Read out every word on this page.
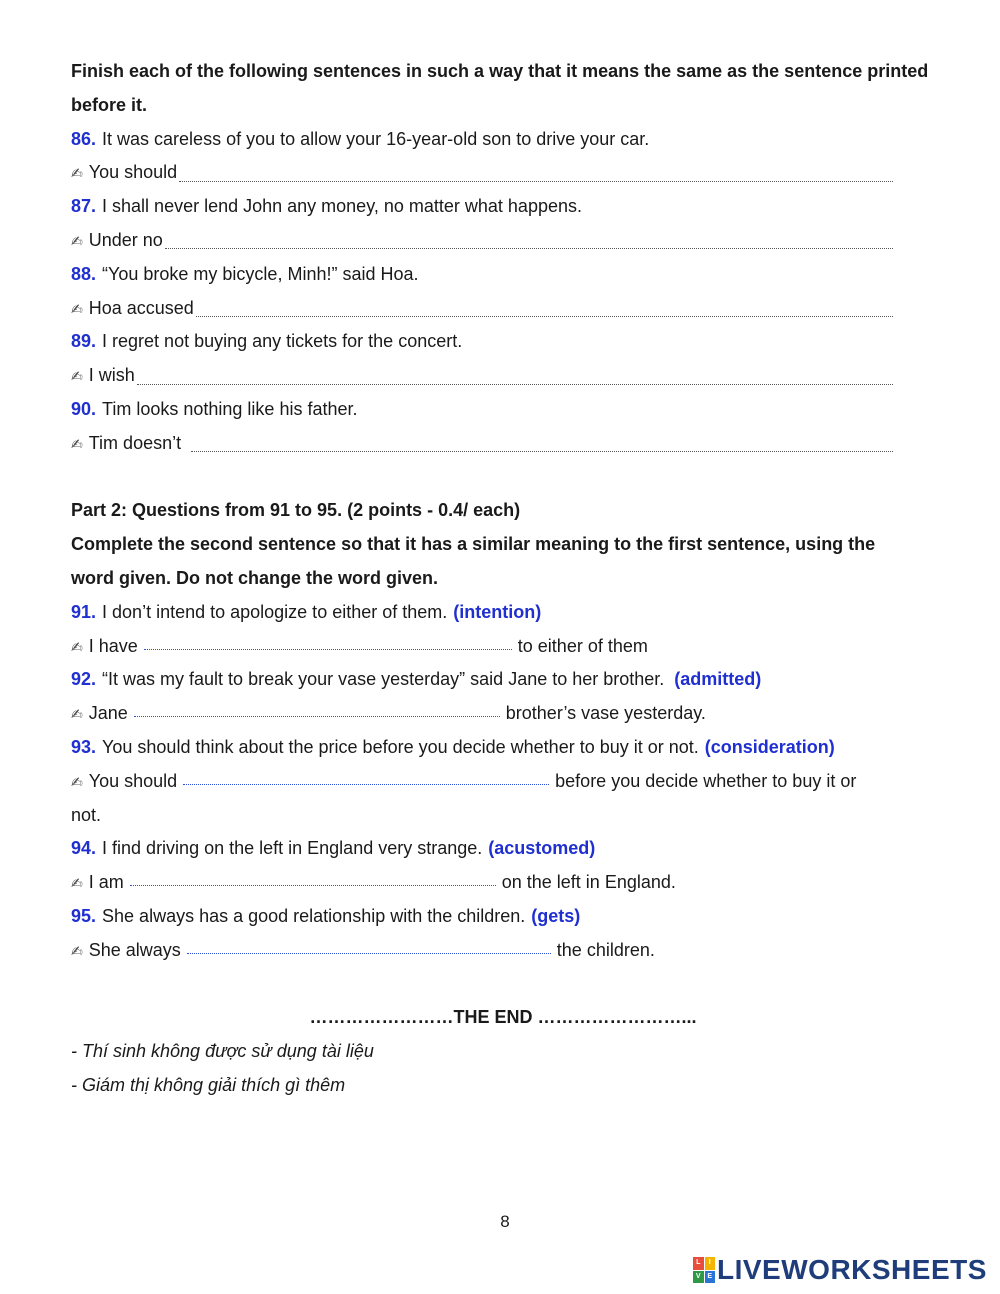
Finish each of the following sentences in such a way that it means the same as the sentence printed
before it.
86. It was careless of you to allow your 16-year-old son to drive your car.
✍ You should
87. I shall never lend John any money, no matter what happens.
✍ Under no
88. “You broke my bicycle, Minh!” said Hoa.
✍ Hoa accused
89. I regret not buying any tickets for the concert.
✍ I wish
90. Tim looks nothing like his father.
✍ Tim doesn’t
Part 2: Questions from 91 to 95. (2 points - 0.4/ each)
Complete the second sentence so that it has a similar meaning to the first sentence, using the
word given. Do not change the word given.
91. I don’t intend to apologize to either of them. (intention)
✍ I have	to either of them
92. “It was my fault to break your vase yesterday” said Jane to her brother. (admitted)
✍ Jane	brother’s vase yesterday.
93. You should think about the price before you decide whether to buy it or not. (consideration)
✍ You should	before you decide whether to buy it or
not.
94. I find driving on the left in England very strange. (acustomed)
✍ I am	on the left in England.
95. She always has a good relationship with the children. (gets)
✍ She always	the children.
……………………THE END ……………………...
- Thí sinh không được sử dụng tài liệu
- Giám thị không giải thích gì thêm
8
L	I
V E LIVEWORKSHEETS
